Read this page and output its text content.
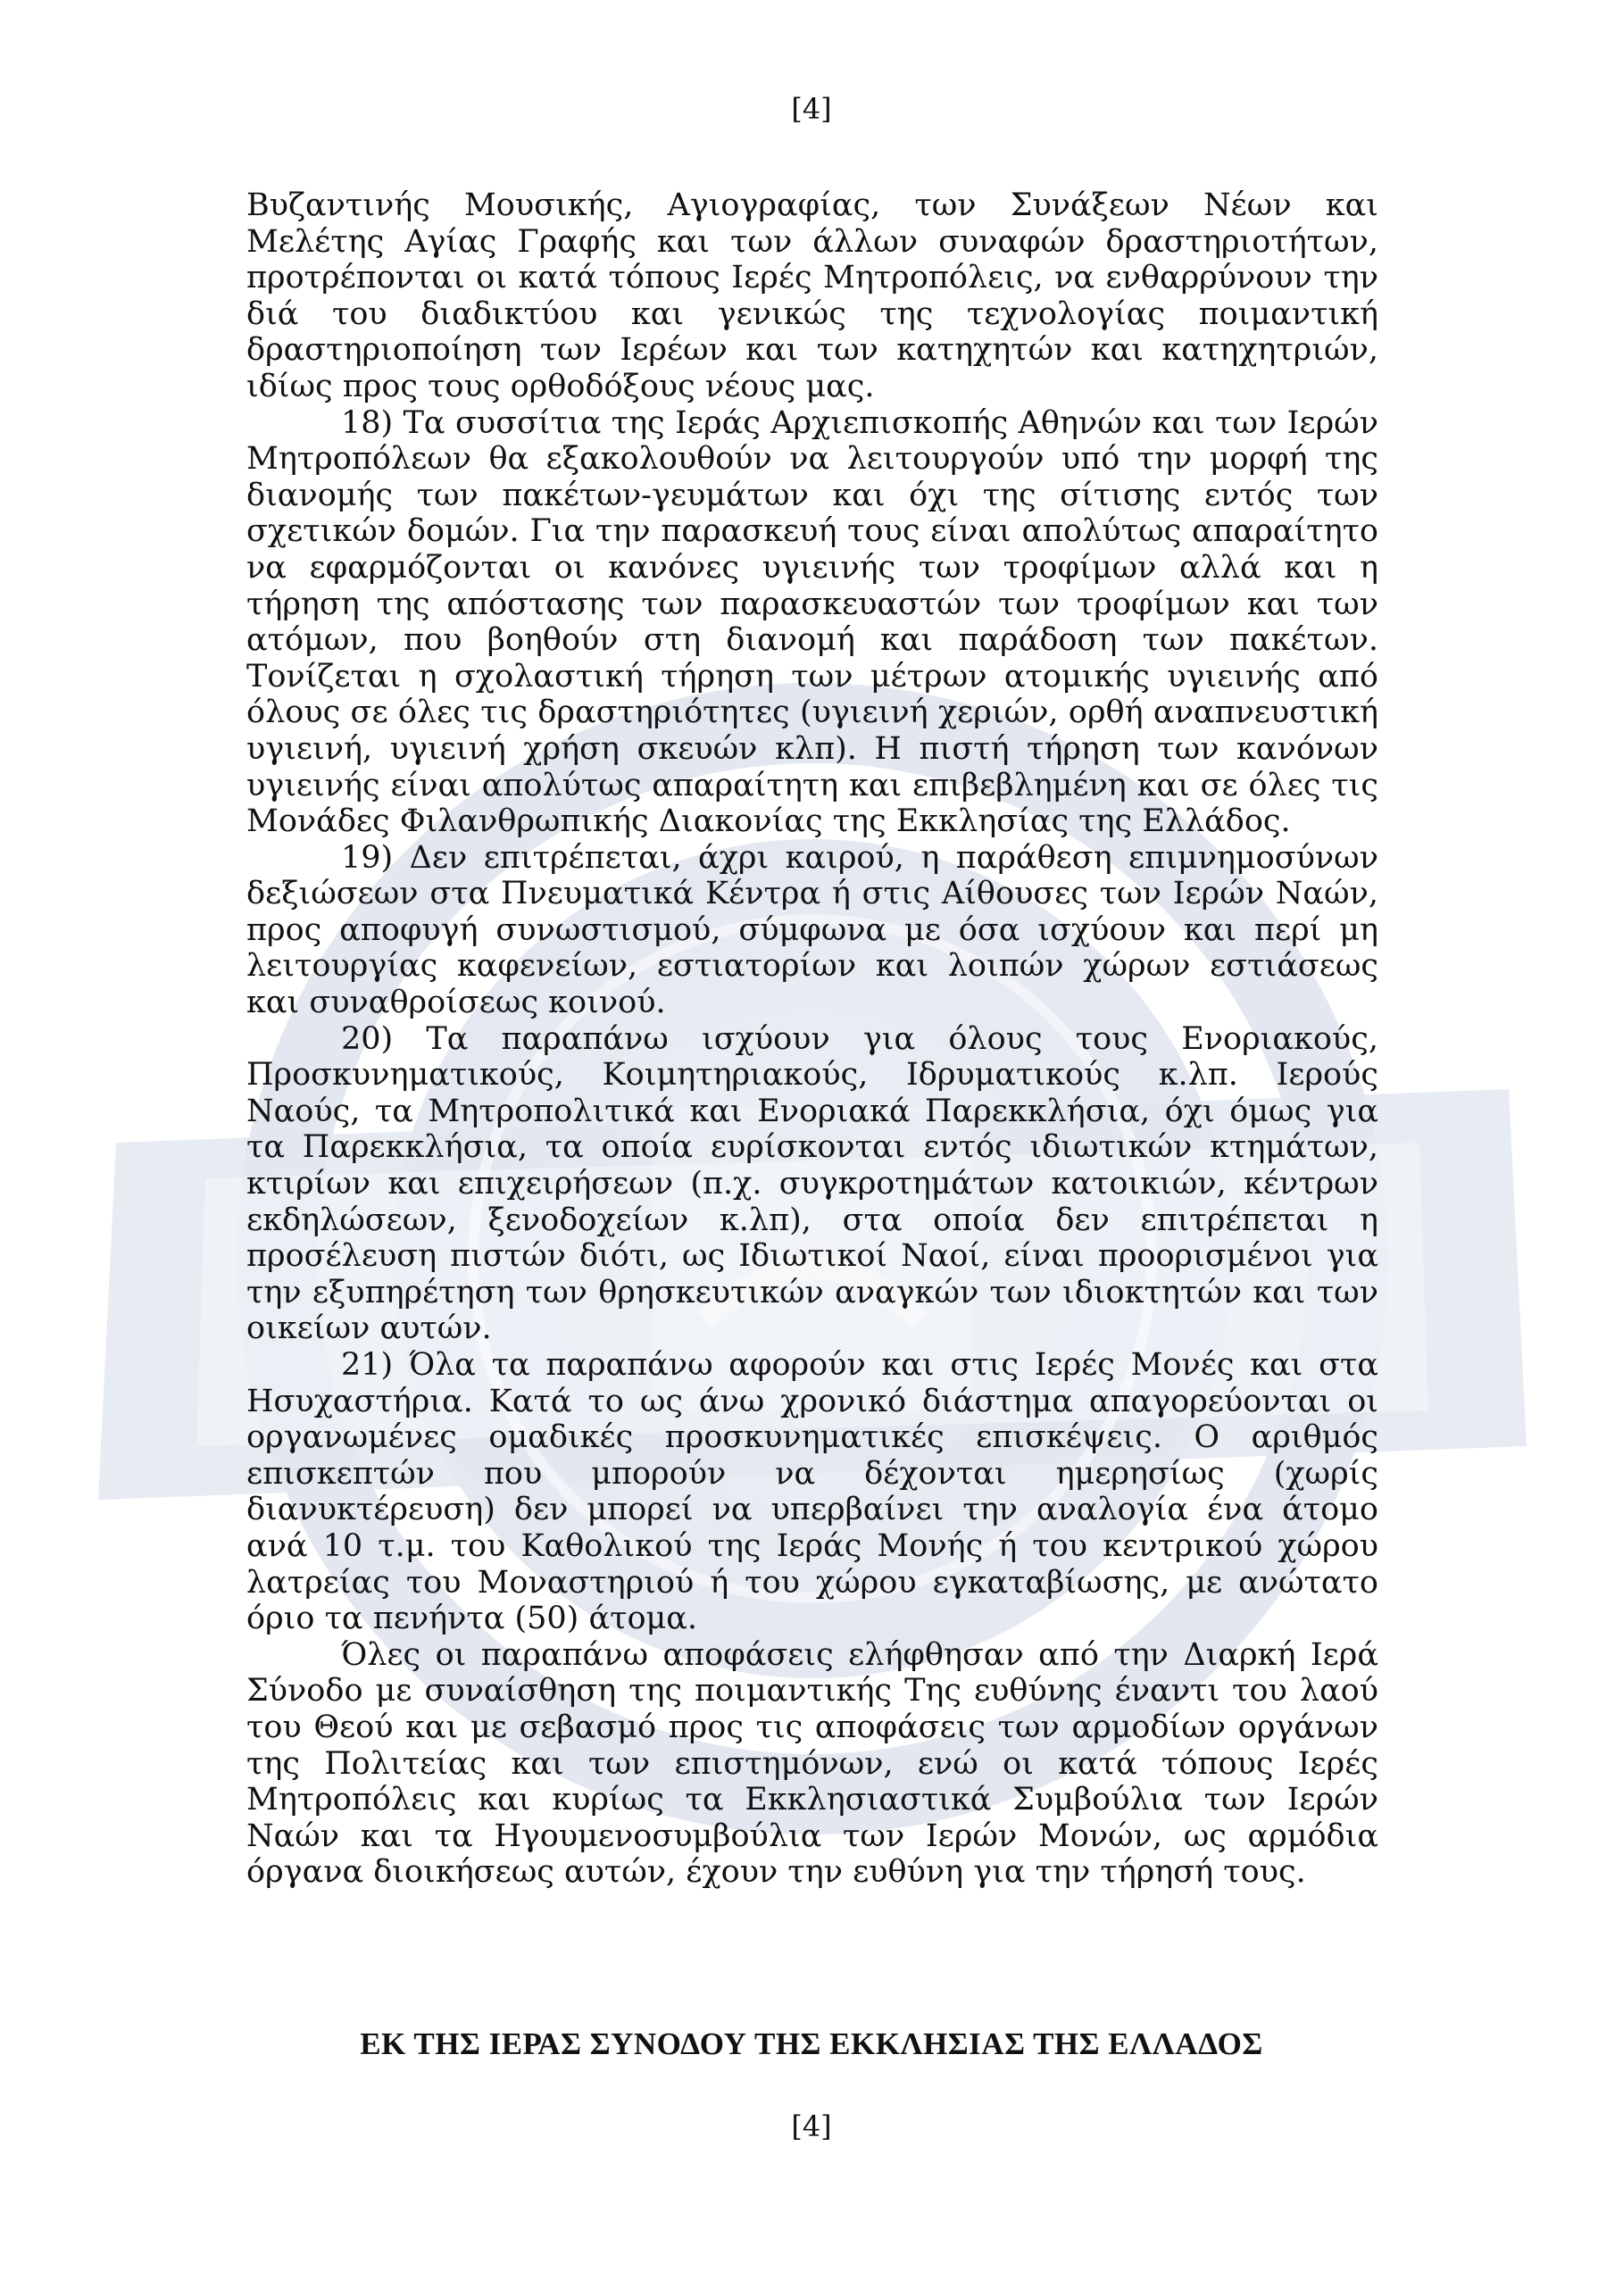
[4]

Βυζαντινής Μουσικής, Αγιογραφίας, των Συνάξεων Νέων και Μελέτης Αγίας Γραφής και των άλλων συναφών δραστηριοτήτων, προτρέπονται οι κατά τόπους Ιερές Μητροπόλεις, να ενθαρρύνουν την διά του διαδικτύου και γενικώς της τεχνολογίας ποιμαντική δραστηριοποίηση των Ιερέων και των κατηχητών και κατηχητριών, ιδίως προς τους ορθοδόξους νέους μας.

18) Τα συσσίτια της Ιεράς Αρχιεπισκοπής Αθηνών και των Ιερών Μητροπόλεων θα εξακολουθούν να λειτουργούν υπό την μορφή της διανομής των πακέτων-γευμάτων και όχι της σίτισης εντός των σχετικών δομών. Για την παρασκευή τους είναι απολύτως απαραίτητο να εφαρμόζονται οι κανόνες υγιεινής των τροφίμων αλλά και η τήρηση της απόστασης των παρασκευαστών των τροφίμων και των ατόμων, που βοηθούν στη διανομή και παράδοση των πακέτων. Τονίζεται η σχολαστική τήρηση των μέτρων ατομικής υγιεινής από όλους σε όλες τις δραστηριότητες (υγιεινή χεριών, ορθή αναπνευστική υγιεινή, υγιεινή χρήση σκευών κλπ). Η πιστή τήρηση των κανόνων υγιεινής είναι απολύτως απαραίτητη και επιβεβλημένη και σε όλες τις Μονάδες Φιλανθρωπικής Διακονίας της Εκκλησίας της Ελλάδος.

19) Δεν επιτρέπεται, άχρι καιρού, η παράθεση επιμνημοσύνων δεξιώσεων στα Πνευματικά Κέντρα ή στις Αίθουσες των Ιερών Ναών, προς αποφυγή συνωστισμού, σύμφωνα με όσα ισχύουν και περί μη λειτουργίας καφενείων, εστιατορίων και λοιπών χώρων εστιάσεως και συναθροίσεως κοινού.

20) Τα παραπάνω ισχύουν για όλους τους Ενοριακούς, Προσκυνηματικούς, Κοιμητηριακούς, Ιδρυματικούς κ.λπ. Ιερούς Ναούς, τα Μητροπολιτικά και Ενοριακά Παρεκκλήσια, όχι όμως για τα Παρεκκλήσια, τα οποία ευρίσκονται εντός ιδιωτικών κτημάτων, κτιρίων και επιχειρήσεων (π.χ. συγκροτημάτων κατοικιών, κέντρων εκδηλώσεων, ξενοδοχείων κ.λπ), στα οποία δεν επιτρέπεται η προσέλευση πιστών διότι, ως Ιδιωτικοί Ναοί, είναι προορισμένοι για την εξυπηρέτηση των θρησκευτικών αναγκών των ιδιοκτητών και των οικείων αυτών.

21) Όλα τα παραπάνω αφορούν και στις Ιερές Μονές και στα Ησυχαστήρια. Κατά το ως άνω χρονικό διάστημα απαγορεύονται οι οργανωμένες ομαδικές προσκυνηματικές επισκέψεις. Ο αριθμός επισκεπτών που μπορούν να δέχονται ημερησίως (χωρίς διανυκτέρευση) δεν μπορεί να υπερβαίνει την αναλογία ένα άτομο ανά 10 τ.μ. του Καθολικού της Ιεράς Μονής ή του κεντρικού χώρου λατρείας του Μοναστηριού ή του χώρου εγκαταβίωσης, με ανώτατο όριο τα πενήντα (50) άτομα.

Όλες οι παραπάνω αποφάσεις ελήφθησαν από την Διαρκή Ιερά Σύνοδο με συναίσθηση της ποιμαντικής Της ευθύνης έναντι του λαού του Θεού και με σεβασμό προς τις αποφάσεις των αρμοδίων οργάνων της Πολιτείας και των επιστημόνων, ενώ οι κατά τόπους Ιερές Μητροπόλεις και κυρίως τα Εκκλησιαστικά Συμβούλια των Ιερών Ναών και τα Ηγουμενοσυμβούλια των Ιερών Μονών, ως αρμόδια όργανα διοικήσεως αυτών, έχουν την ευθύνη για την τήρησή τους.

ΕΚ ΤΗΣ ΙΕΡΑΣ ΣΥΝΟΔΟΥ ΤΗΣ ΕΚΚΛΗΣΙΑΣ ΤΗΣ ΕΛΛΑΔΟΣ
[4]
